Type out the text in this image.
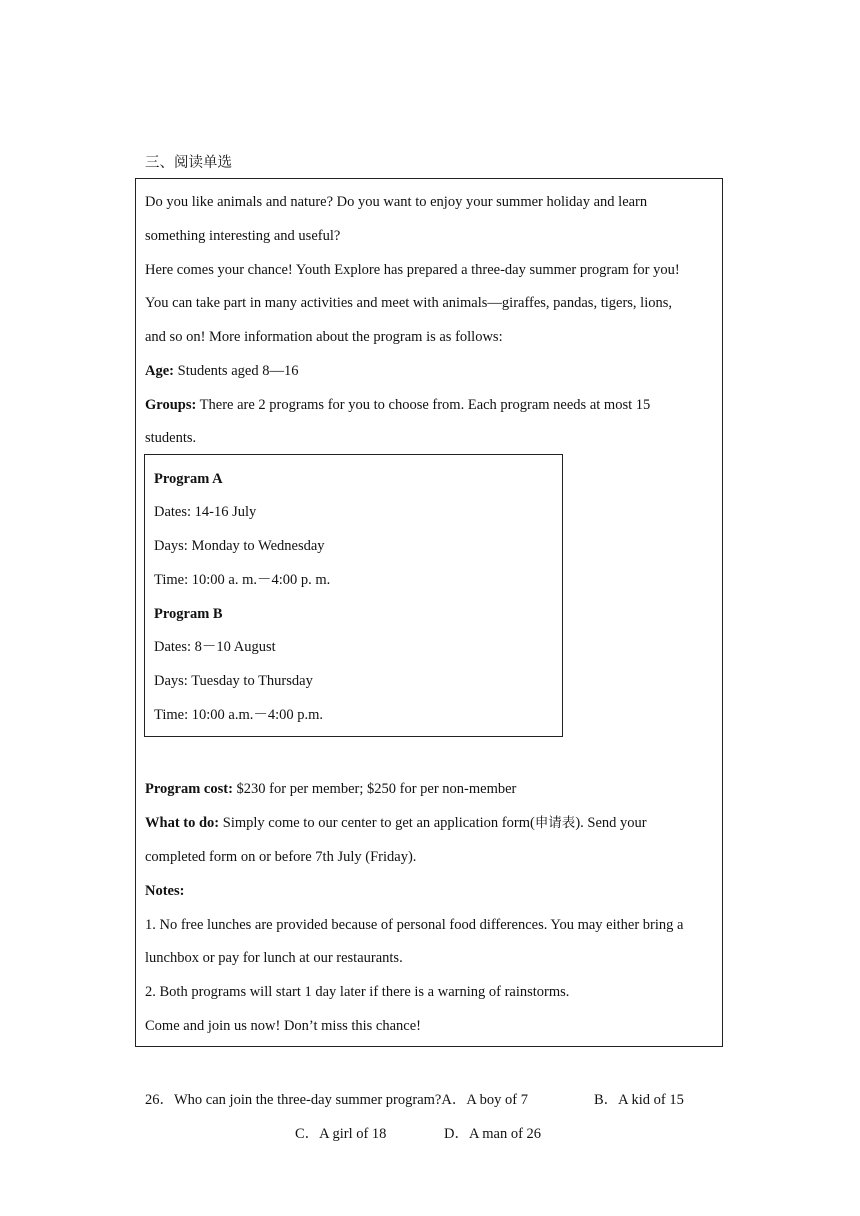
三、阅读单选
Do you like animals and nature? Do you want to enjoy your summer holiday and learn
something interesting and useful?
Here comes your chance! Youth Explore has prepared a three-day summer program for you!
You can take part in many activities and meet with animals—giraffes, pandas, tigers, lions,
and so on! More information about the program is as follows:
Age: Students aged 8—16
Groups: There are 2 programs for you to choose from. Each program needs at most 15
students.
Program A
Dates: 14-16 July
Days: Monday to Wednesday
Time: 10:00 a. m.－4:00 p. m.
Program B
Dates: 8－10 August
Days: Tuesday to Thursday
Time: 10:00 a.m.－4:00 p.m.
Program cost: $230 for per member; $250 for per non-member
What to do: Simply come to our center to get an application form(申请表). Send your
completed form on or before 7th July (Friday).
Notes:
1. No free lunches are provided because of personal food differences. You may either bring a
lunchbox or pay for lunch at our restaurants.
2. Both programs will start 1 day later if there is a warning of rainstorms.
Come and join us now! Don’t miss this chance!
26．Who can join the three-day summer program?A．A boy of 7	B．A kid of 15
C．A girl of 18	D．A man of 26
